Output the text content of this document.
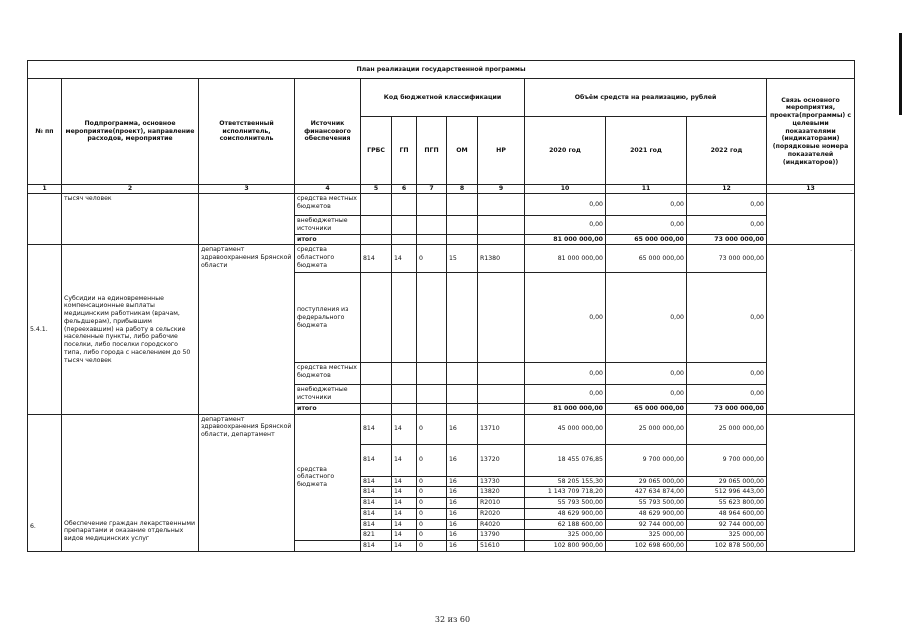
План реализации государственной программы												
№ пп	Подпрограмма, основное мероприятие(проект), направление расходов, мероприятие	Ответственный исполнитель, соисполнитель	Источник финансового обеспечения	Код бюджетной классификации					Объём средств на реализацию, рублей			Связь основного мероприятия, проекта(программы) с целевыми показателями (индикаторами) (порядковые номера показателей (индикаторов))
				ГРБС	ГП	ПГП	ОМ	НР	2020 год	2021 год	2022 год	
1	2	3	4	5	6	7	8	9	10	11	12	13
	тысяч человек		средства местных бюджетов						0,00	0,00	0,00	
			внебюджетные источники						0,00	0,00	0,00	
			итого						81 000 000,00	65 000 000,00	73 000 000,00	
5.4.1.	Субсидии на единовременные компенсационные выплаты медицинским работникам (врачам, фельдшерам), прибывшим (переехавшим) на работу в сельские населенные пункты, либо рабочие поселки, либо поселки городского типа, либо города с населением до 50 тысяч человек	департамент здравоохранения Брянской области	средства областного бюджета	814	14	0	15	R1380	81 000 000,00	65 000 000,00	73 000 000,00	.
			поступления из федерального бюджета						0,00	0,00	0,00	
			средства местных бюджетов						0,00	0,00	0,00	
			внебюджетные источники						0,00	0,00	0,00	
			итого						81 000 000,00	65 000 000,00	73 000 000,00	
6.	Обеспечение граждан лекарственными препаратами и оказание отдельных видов медицинских услуг	департамент здравоохранения Брянской области, департамент	средства областного бюджета	814	14	0	16	13710	45 000 000,00	25 000 000,00	25 000 000,00	
				814	14	0	16	13720	18 455 076,85	9 700 000,00	9 700 000,00	
				814	14	0	16	13730	58 205 155,30	29 065 000,00	29 065 000,00	
				814	14	0	16	13820	1 143 709 718,20	427 634 874,00	512 996 443,00	
				814	14	0	16	R2010	55 793 500,00	55 793 500,00	55 623 800,00	
				814	14	0	16	R2020	48 629 900,00	48 629 900,00	48 964 600,00	
				814	14	0	16	R4020	62 188 600,00	92 744 000,00	92 744 000,00	
				821	14	0	16	13790	325 000,00	325 000,00	325 000,00	
				814	14	0	16	51610	102 800 900,00	102 698 600,00	102 878 500,00	
32 из 60
